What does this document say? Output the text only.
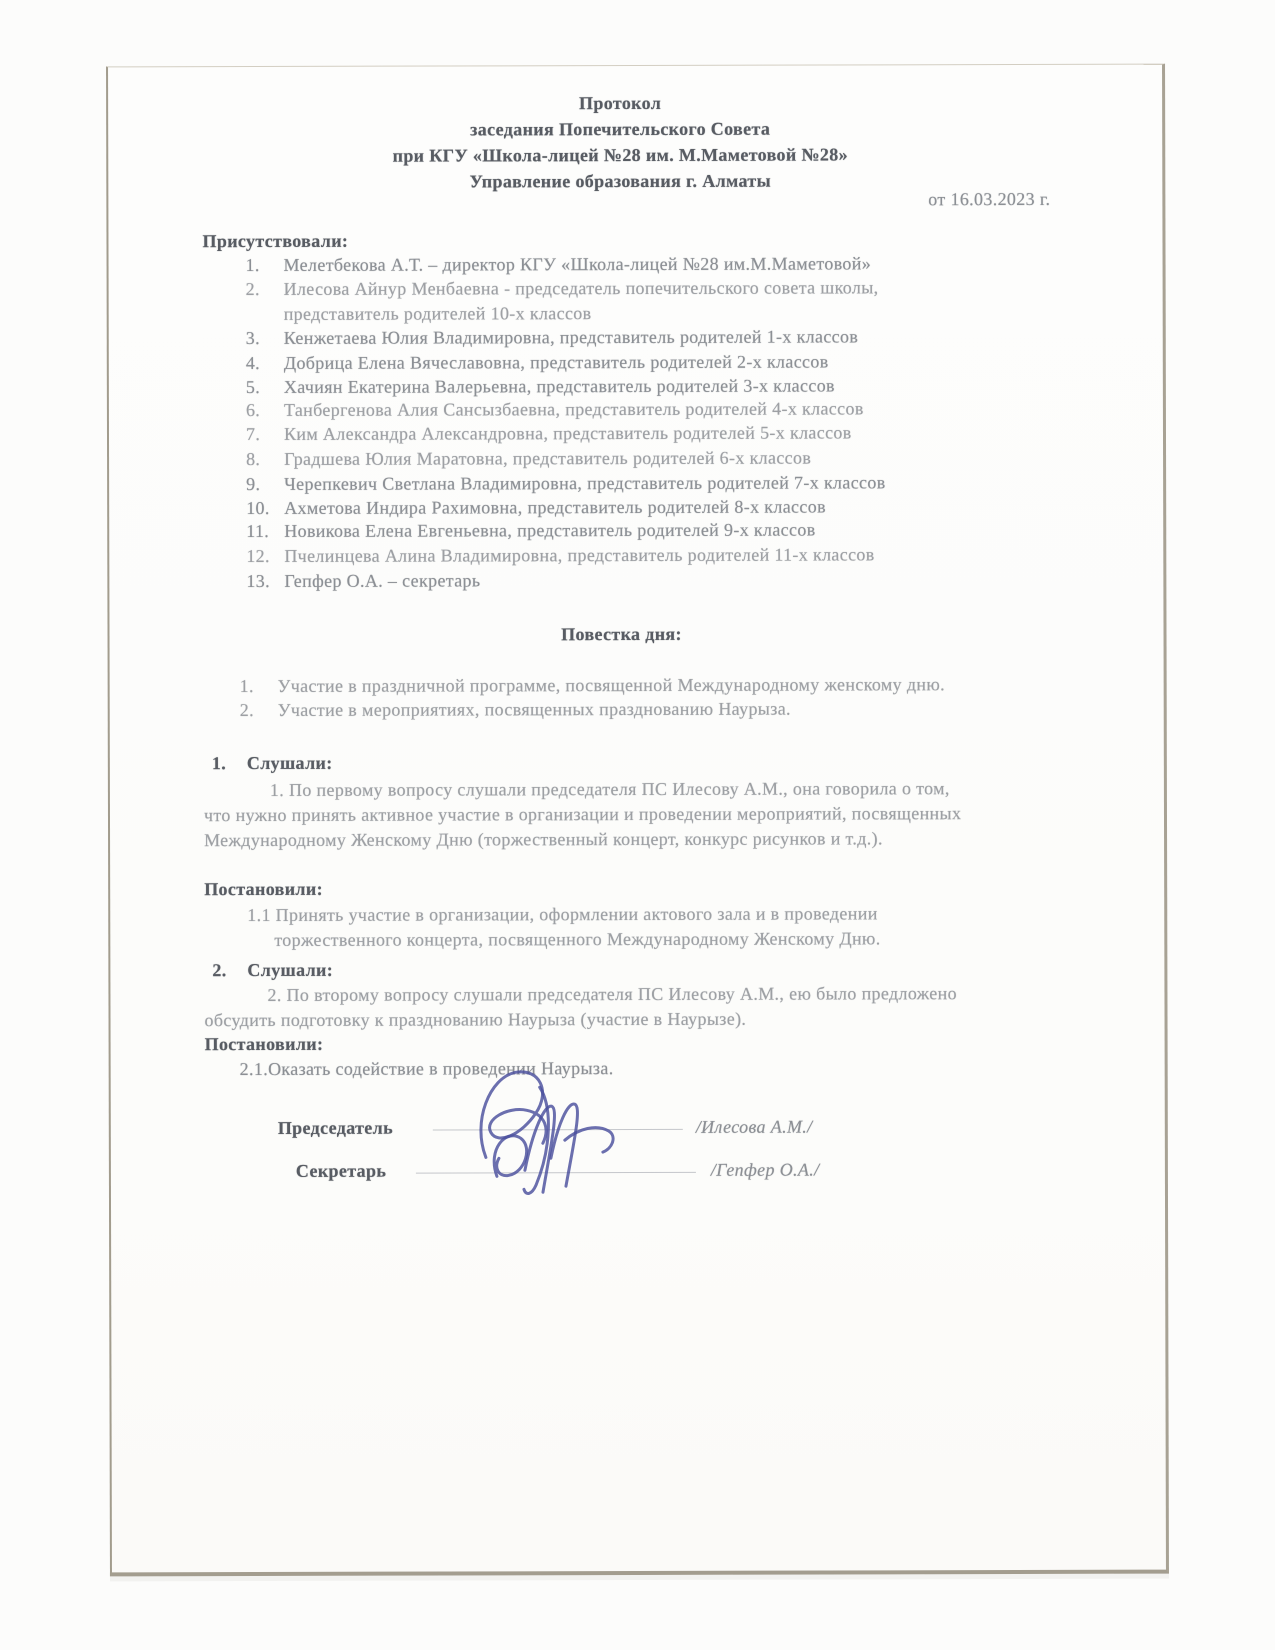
Протокол
заседания Попечительского Совета
при КГУ «Школа-лицей №28 им. М.Маметовой №28»
Управление образования г. Алматы
от 16.03.2023 г.
Присутствовали:
1. Мелетбекова А.Т. – директор КГУ «Школа-лицей №28 им.М.Маметовой»
2. Илесова Айнур Менбаевна - председатель попечительского совета школы,
представитель родителей 10-х классов
3. Кенжетаева Юлия Владимировна, представитель родителей 1-х классов
4. Добрица Елена Вячеславовна, представитель родителей 2-х классов
5. Хачиян Екатерина Валерьевна, представитель родителей 3-х классов
6. Танбергенова Алия Сансызбаевна, представитель родителей 4-х классов
7. Ким Александра Александровна, представитель родителей 5-х классов
8. Градшева Юлия Маратовна, представитель родителей 6-х классов
9. Черепкевич Светлана Владимировна, представитель родителей 7-х классов
10. Ахметова Индира Рахимовна, представитель родителей 8-х классов
11. Новикова Елена Евгеньевна, представитель родителей 9-х классов
12. Пчелинцева Алина Владимировна, представитель родителей 11-х классов
13. Гепфер О.А. – секретарь
Повестка дня:
1. Участие в праздничной программе, посвященной Международному женскому дню.
2. Участие в мероприятиях, посвященных празднованию Наурыза.
1. Слушали:
1. По первому вопросу слушали председателя ПС Илесову А.М., она говорила о том,
что нужно принять активное участие в организации и проведении мероприятий, посвященных
Международному Женскому Дню (торжественный концерт, конкурс рисунков и т.д.).
Постановили:
1.1 Принять участие в организации, оформлении актового зала и в проведении
торжественного концерта, посвященного Международному Женскому Дню.
2. Слушали:
2. По второму вопросу слушали председателя ПС Илесову А.М., ею было предложено
обсудить подготовку к празднованию Наурыза (участие в Наурызе).
Постановили:
2.1.Оказать содействие в проведении Наурыза.
Председатель	/Илесова А.М./
Секретарь	/Гепфер О.А./
